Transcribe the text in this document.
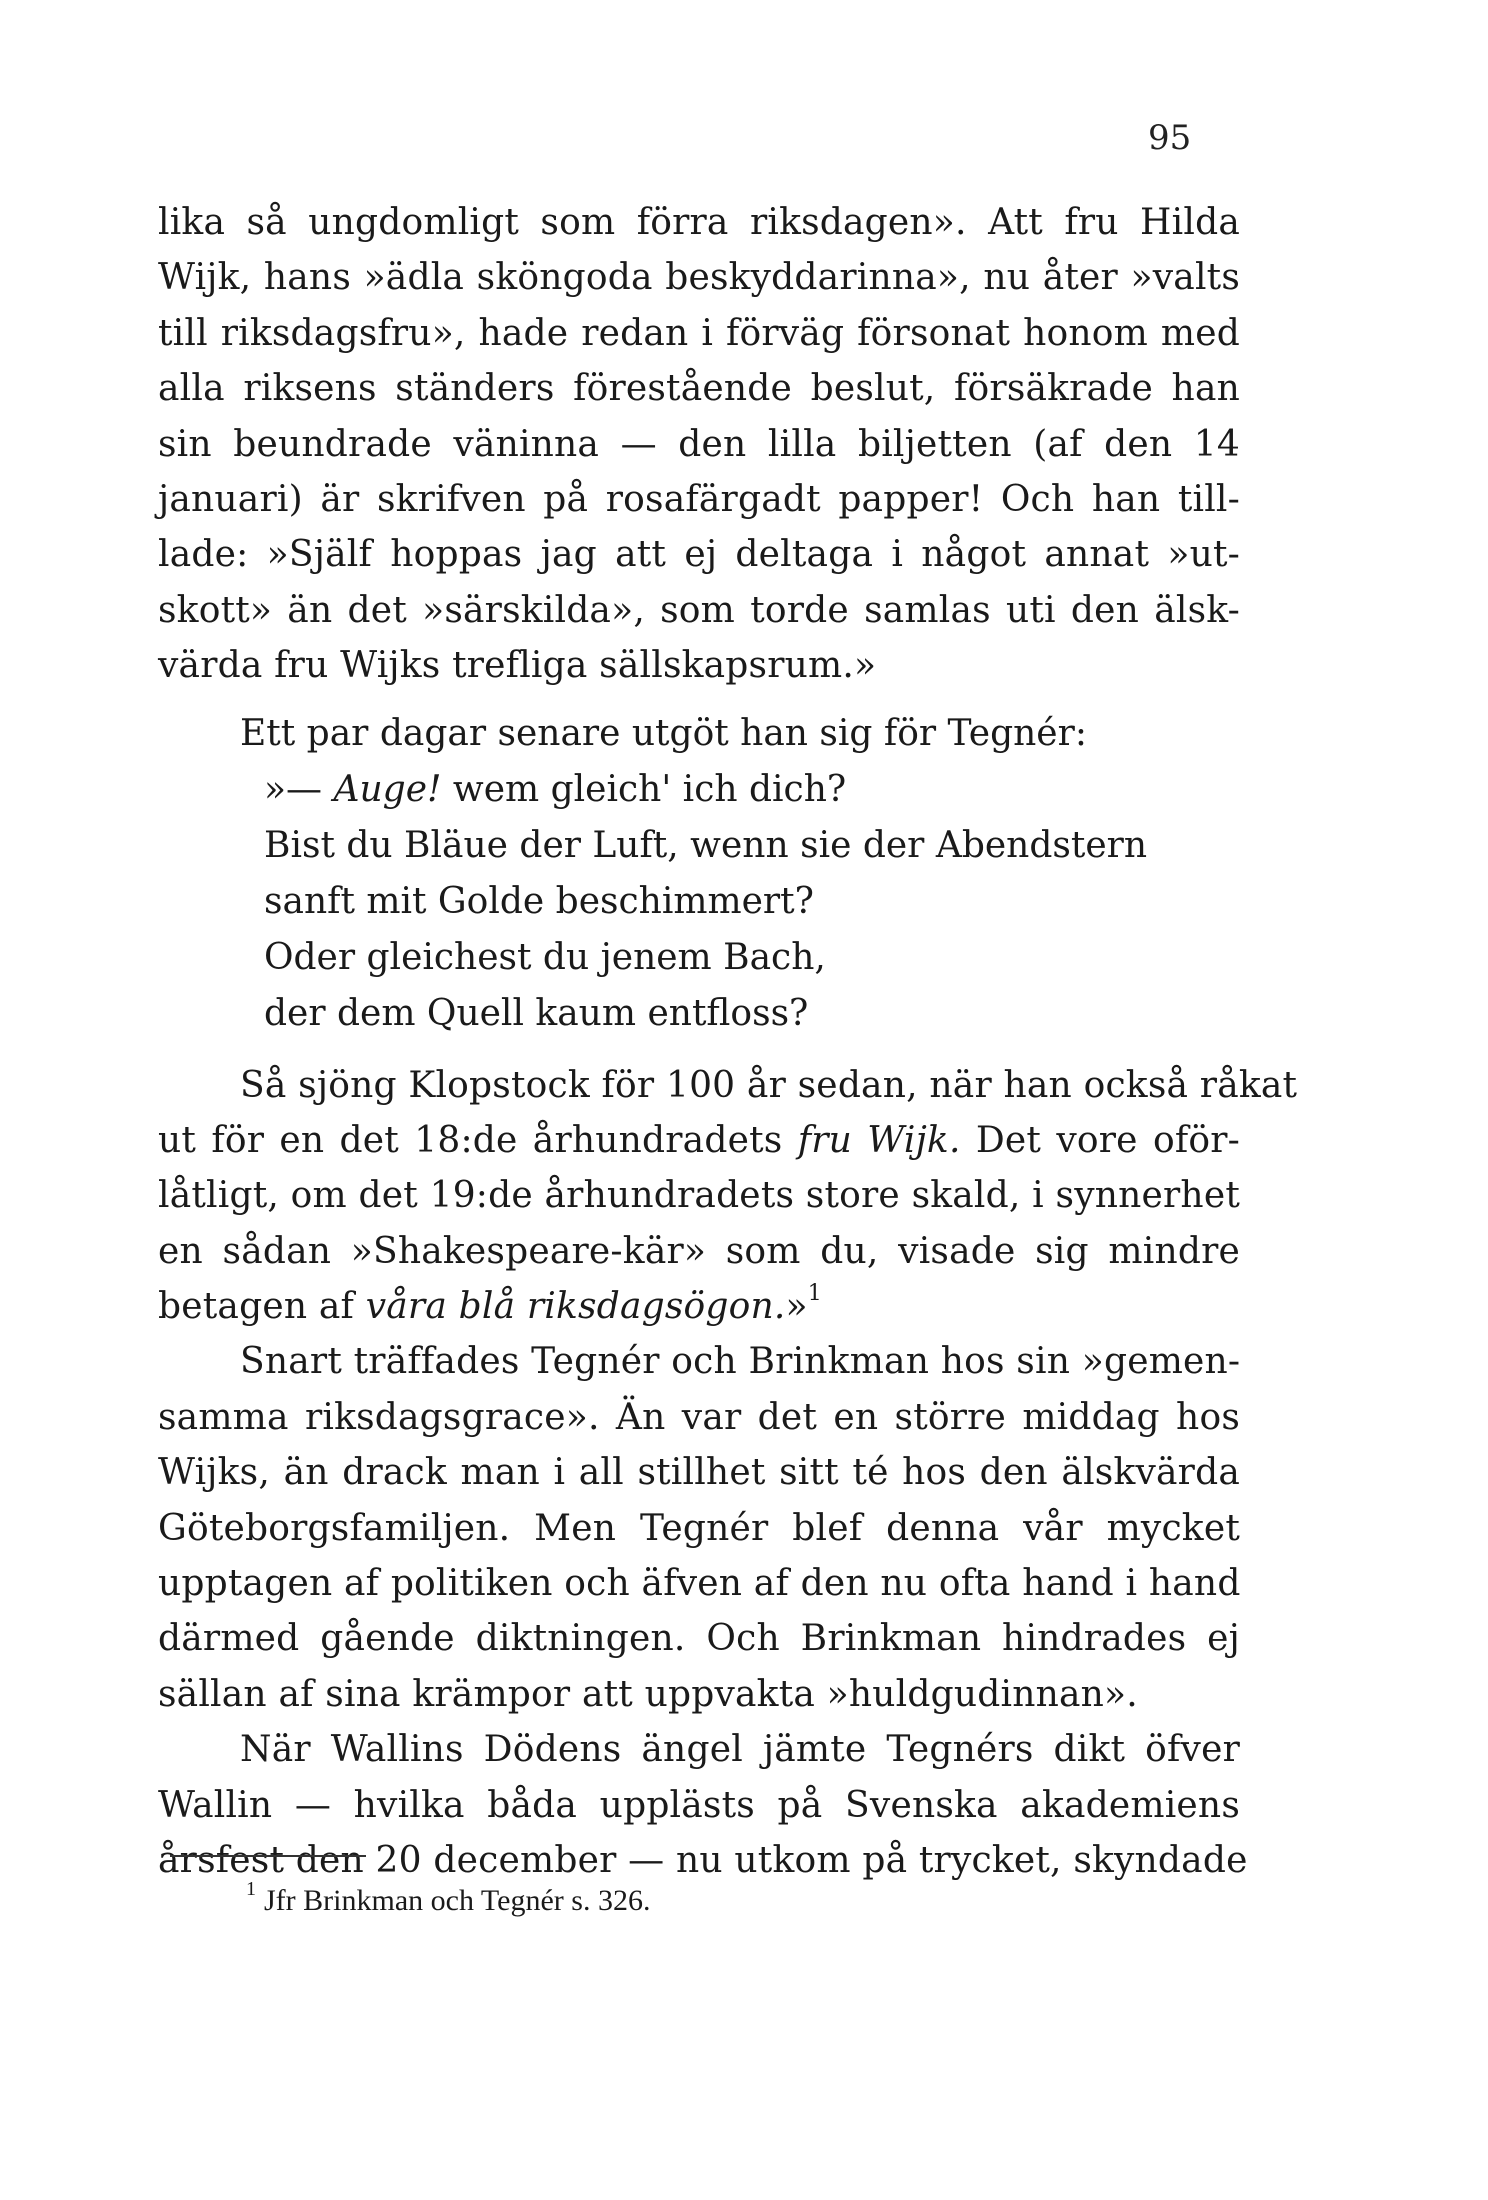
95
lika så ungdomligt som förra riksdagen». Att fru Hilda
Wijk, hans »ädla sköngoda beskyddarinna», nu åter »valts
till riksdagsfru», hade redan i förväg försonat honom med
alla riksens ständers förestående beslut, försäkrade han
sin beundrade väninna — den lilla biljetten (af den 14
januari) är skrifven på rosafärgadt papper! Och han till-
lade: »Själf hoppas jag att ej deltaga i något annat »ut-
skott» än det »särskilda», som torde samlas uti den älsk-
värda fru Wijks trefliga sällskapsrum.»
Ett par dagar senare utgöt han sig för Tegnér:
»— Auge! wem gleich' ich dich?
Bist du Bläue der Luft, wenn sie der Abendstern
sanft mit Golde beschimmert?
Oder gleichest du jenem Bach,
der dem Quell kaum entfloss?
Så sjöng Klopstock för 100 år sedan, när han också råkat
ut för en det 18:de århundradets fru Wijk. Det vore oför-
låtligt, om det 19:de århundradets store skald, i synnerhet
en sådan »Shakespeare-kär» som du, visade sig mindre
betagen af våra blå riksdagsögon.»$^1$
Snart träffades Tegnér och Brinkman hos sin »gemen-
samma riksdagsgrace». Än var det en större middag hos
Wijks, än drack man i all stillhet sitt té hos den älskvärda
Göteborgsfamiljen. Men Tegnér blef denna vår mycket
upptagen af politiken och äfven af den nu ofta hand i hand
därmed gående diktningen. Och Brinkman hindrades ej
sällan af sina krämpor att uppvakta »huldgudinnan».
När Wallins Dödens ängel jämte Tegnérs dikt öfver
Wallin — hvilka båda upplästs på Svenska akademiens
årsfest den 20 december — nu utkom på trycket, skyndade
$^1$ Jfr Brinkman och Tegnér s. 326.
